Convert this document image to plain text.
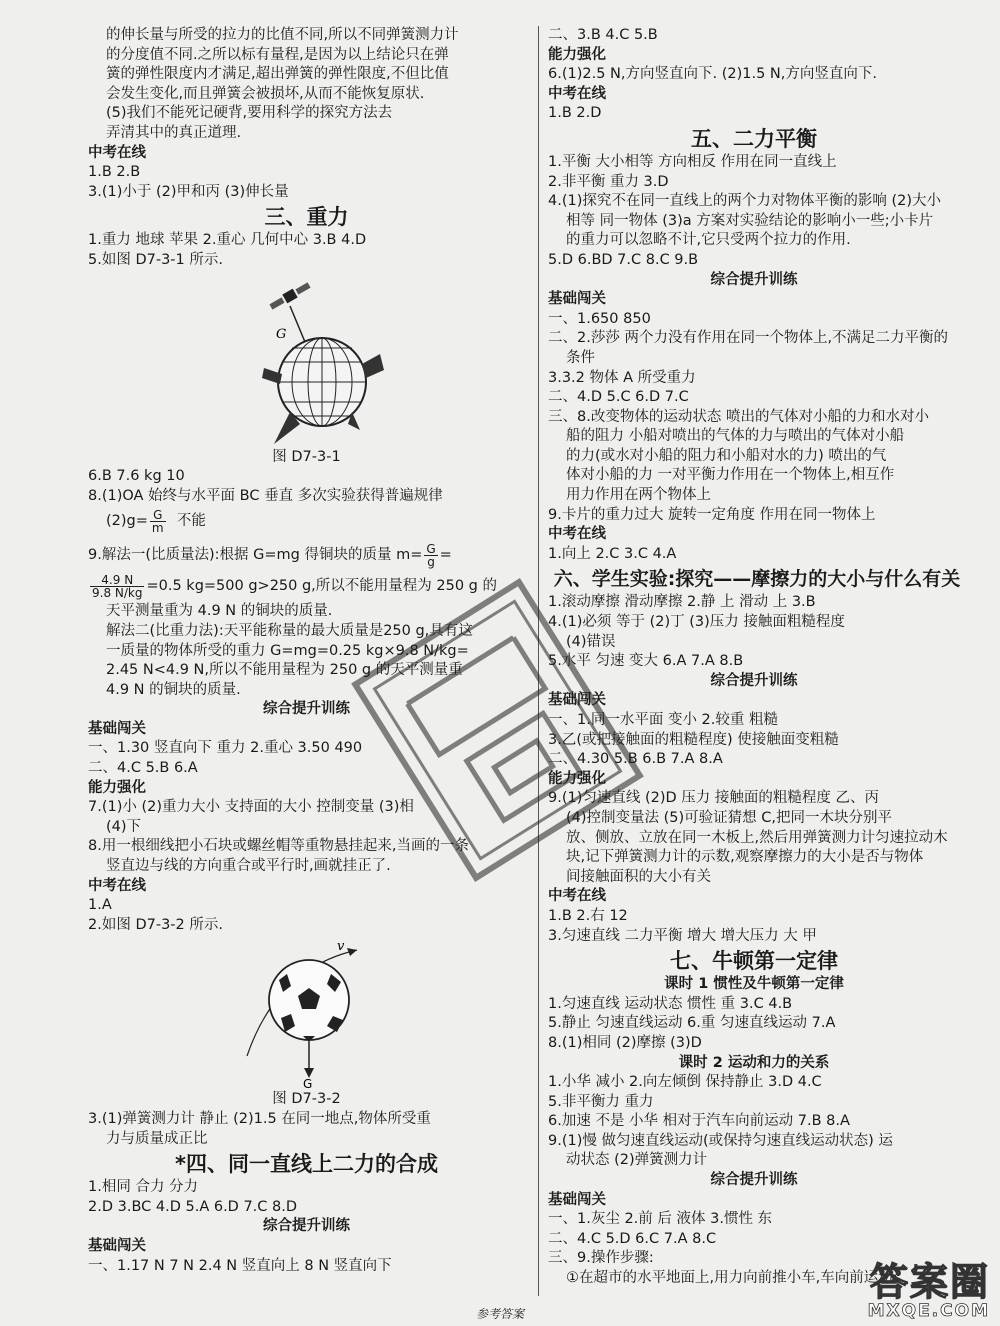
的伸长量与所受的拉力的比值不同,所以不同弹簧测力计
的分度值不同.之所以标有量程,是因为以上结论只在弹
簧的弹性限度内才满足,超出弹簧的弹性限度,不但比值
会发生变化,而且弹簧会被损坏,从而不能恢复原状.
(5)我们不能死记硬背,要用科学的探究方法去
弄清其中的真正道理.
中考在线
1.B 2.B
3.(1)小于 (2)甲和丙 (3)伸长量
三、重力
1.重力 地球 苹果 2.重心 几何中心 3.B 4.D
5.如图 D7-3-1 所示.
G
图 D7-3-1
6.B 7.6 kg 10
8.(1)OA 始终与水平面 BC 垂直 多次实验获得普遍规律
$(2)g= \frac{G}{m}$ 不能
9.解法一(比质量法):根据 G=mg 得铜块的质量 $m= \frac{G}{g}$ =
$\frac{4.9 N}{9.8 N/kg} =0.5$ kg=500 g>250 g,所以不能用量程为 250 g 的
天平测量重为 4.9 N 的铜块的质量.
解法二(比重力法):天平能称量的最大质量是250 g,具有这
一质量的物体所受的重力 G=mg=0.25 kg×9.8 N/kg=
2.45 N<4.9 N,所以不能用量程为 250 g 的天平测量重
4.9 N 的铜块的质量.
综合提升训练
基础闯关
一、1.30 竖直向下 重力 2.重心 3.50 490
二、4.C 5.B 6.A
能力强化
7.(1)小 (2)重力大小 支持面的大小 控制变量 (3)相
(4)下
8.用一根细线把小石块或螺丝帽等重物悬挂起来,当画的一条
竖直边与线的方向重合或平行时,画就挂正了.
中考在线
1.A
2.如图 D7-3-2 所示.
v
G
图 D7-3-2
3.(1)弹簧测力计 静止 (2)1.5 在同一地点,物体所受重
力与质量成正比
*四、同一直线上二力的合成
1.相同 合力 分力
2.D 3.BC 4.D 5.A 6.D 7.C 8.D
综合提升训练
基础闯关
一、1.17 N 7 N 2.4 N 竖直向上 8 N 竖直向下
二、3.B 4.C 5.B
能力强化
6.(1)2.5 N,方向竖直向下. (2)1.5 N,方向竖直向下.
中考在线
1.B 2.D
五、二力平衡
1.平衡 大小相等 方向相反 作用在同一直线上
2.非平衡 重力 3.D
4.(1)探究不在同一直线上的两个力对物体平衡的影响 (2)大小
相等 同一物体 (3)a 方案对实验结论的影响小一些;小卡片
的重力可以忽略不计,它只受两个拉力的作用.
5.D 6.BD 7.C 8.C 9.B
综合提升训练
基础闯关
一、1.650 850
二、2.莎莎 两个力没有作用在同一个物体上,不满足二力平衡的
条件
3.3.2 物体 A 所受重力
二、4.D 5.C 6.D 7.C
三、8.改变物体的运动状态 喷出的气体对小船的力和水对小
船的阻力 小船对喷出的气体的力与喷出的气体对小船
的力(或水对小船的阻力和小船对水的力) 喷出的气
体对小船的力 一对平衡力作用在一个物体上,相互作
用力作用在两个物体上
9.卡片的重力过大 旋转一定角度 作用在同一物体上
中考在线
1.向上 2.C 3.C 4.A
六、学生实验:探究——摩擦力的大小与什么有关
1.滚动摩擦 滑动摩擦 2.静 上 滑动 上 3.B
4.(1)必须 等于 (2)丁 (3)压力 接触面粗糙程度
(4)错误
5.水平 匀速 变大 6.A 7.A 8.B
综合提升训练
基础闯关
一、1.同一水平面 变小 2.较重 粗糙
3.乙(或把接触面的粗糙程度) 使接触面变粗糙
二、4.30 5.B 6.B 7.A 8.A
能力强化
9.(1)匀速直线 (2)D 压力 接触面的粗糙程度 乙、丙
(4)控制变量法 (5)可验证猜想 C,把同一木块分别平
放、侧放、立放在同一木板上,然后用弹簧测力计匀速拉动木
块,记下弹簧测力计的示数,观察摩擦力的大小是否与物体
间接触面积的大小有关
中考在线
1.B 2.右 12
3.匀速直线 二力平衡 增大 增大压力 大 甲
七、牛顿第一定律
课时 1 惯性及牛顿第一定律
1.匀速直线 运动状态 惯性 重 3.C 4.B
5.静止 匀速直线运动 6.重 匀速直线运动 7.A
8.(1)相同 (2)摩擦 (3)D
课时 2 运动和力的关系
1.小华 减小 2.向左倾倒 保持静止 3.D 4.C
5.非平衡力 重力
6.加速 不是 小华 相对于汽车向前运动 7.B 8.A
9.(1)慢 做匀速直线运动(或保持匀速直线运动状态) 运
动状态 (2)弹簧测力计
综合提升训练
基础闯关
一、1.灰尘 2.前 后 液体 3.惯性 东
二、4.C 5.D 6.C 7.A 8.C
三、9.操作步骤:
①在超市的水平地面上,用力向前推小车,车向前运动;
答案圈
MXQE.COM
参考答案
